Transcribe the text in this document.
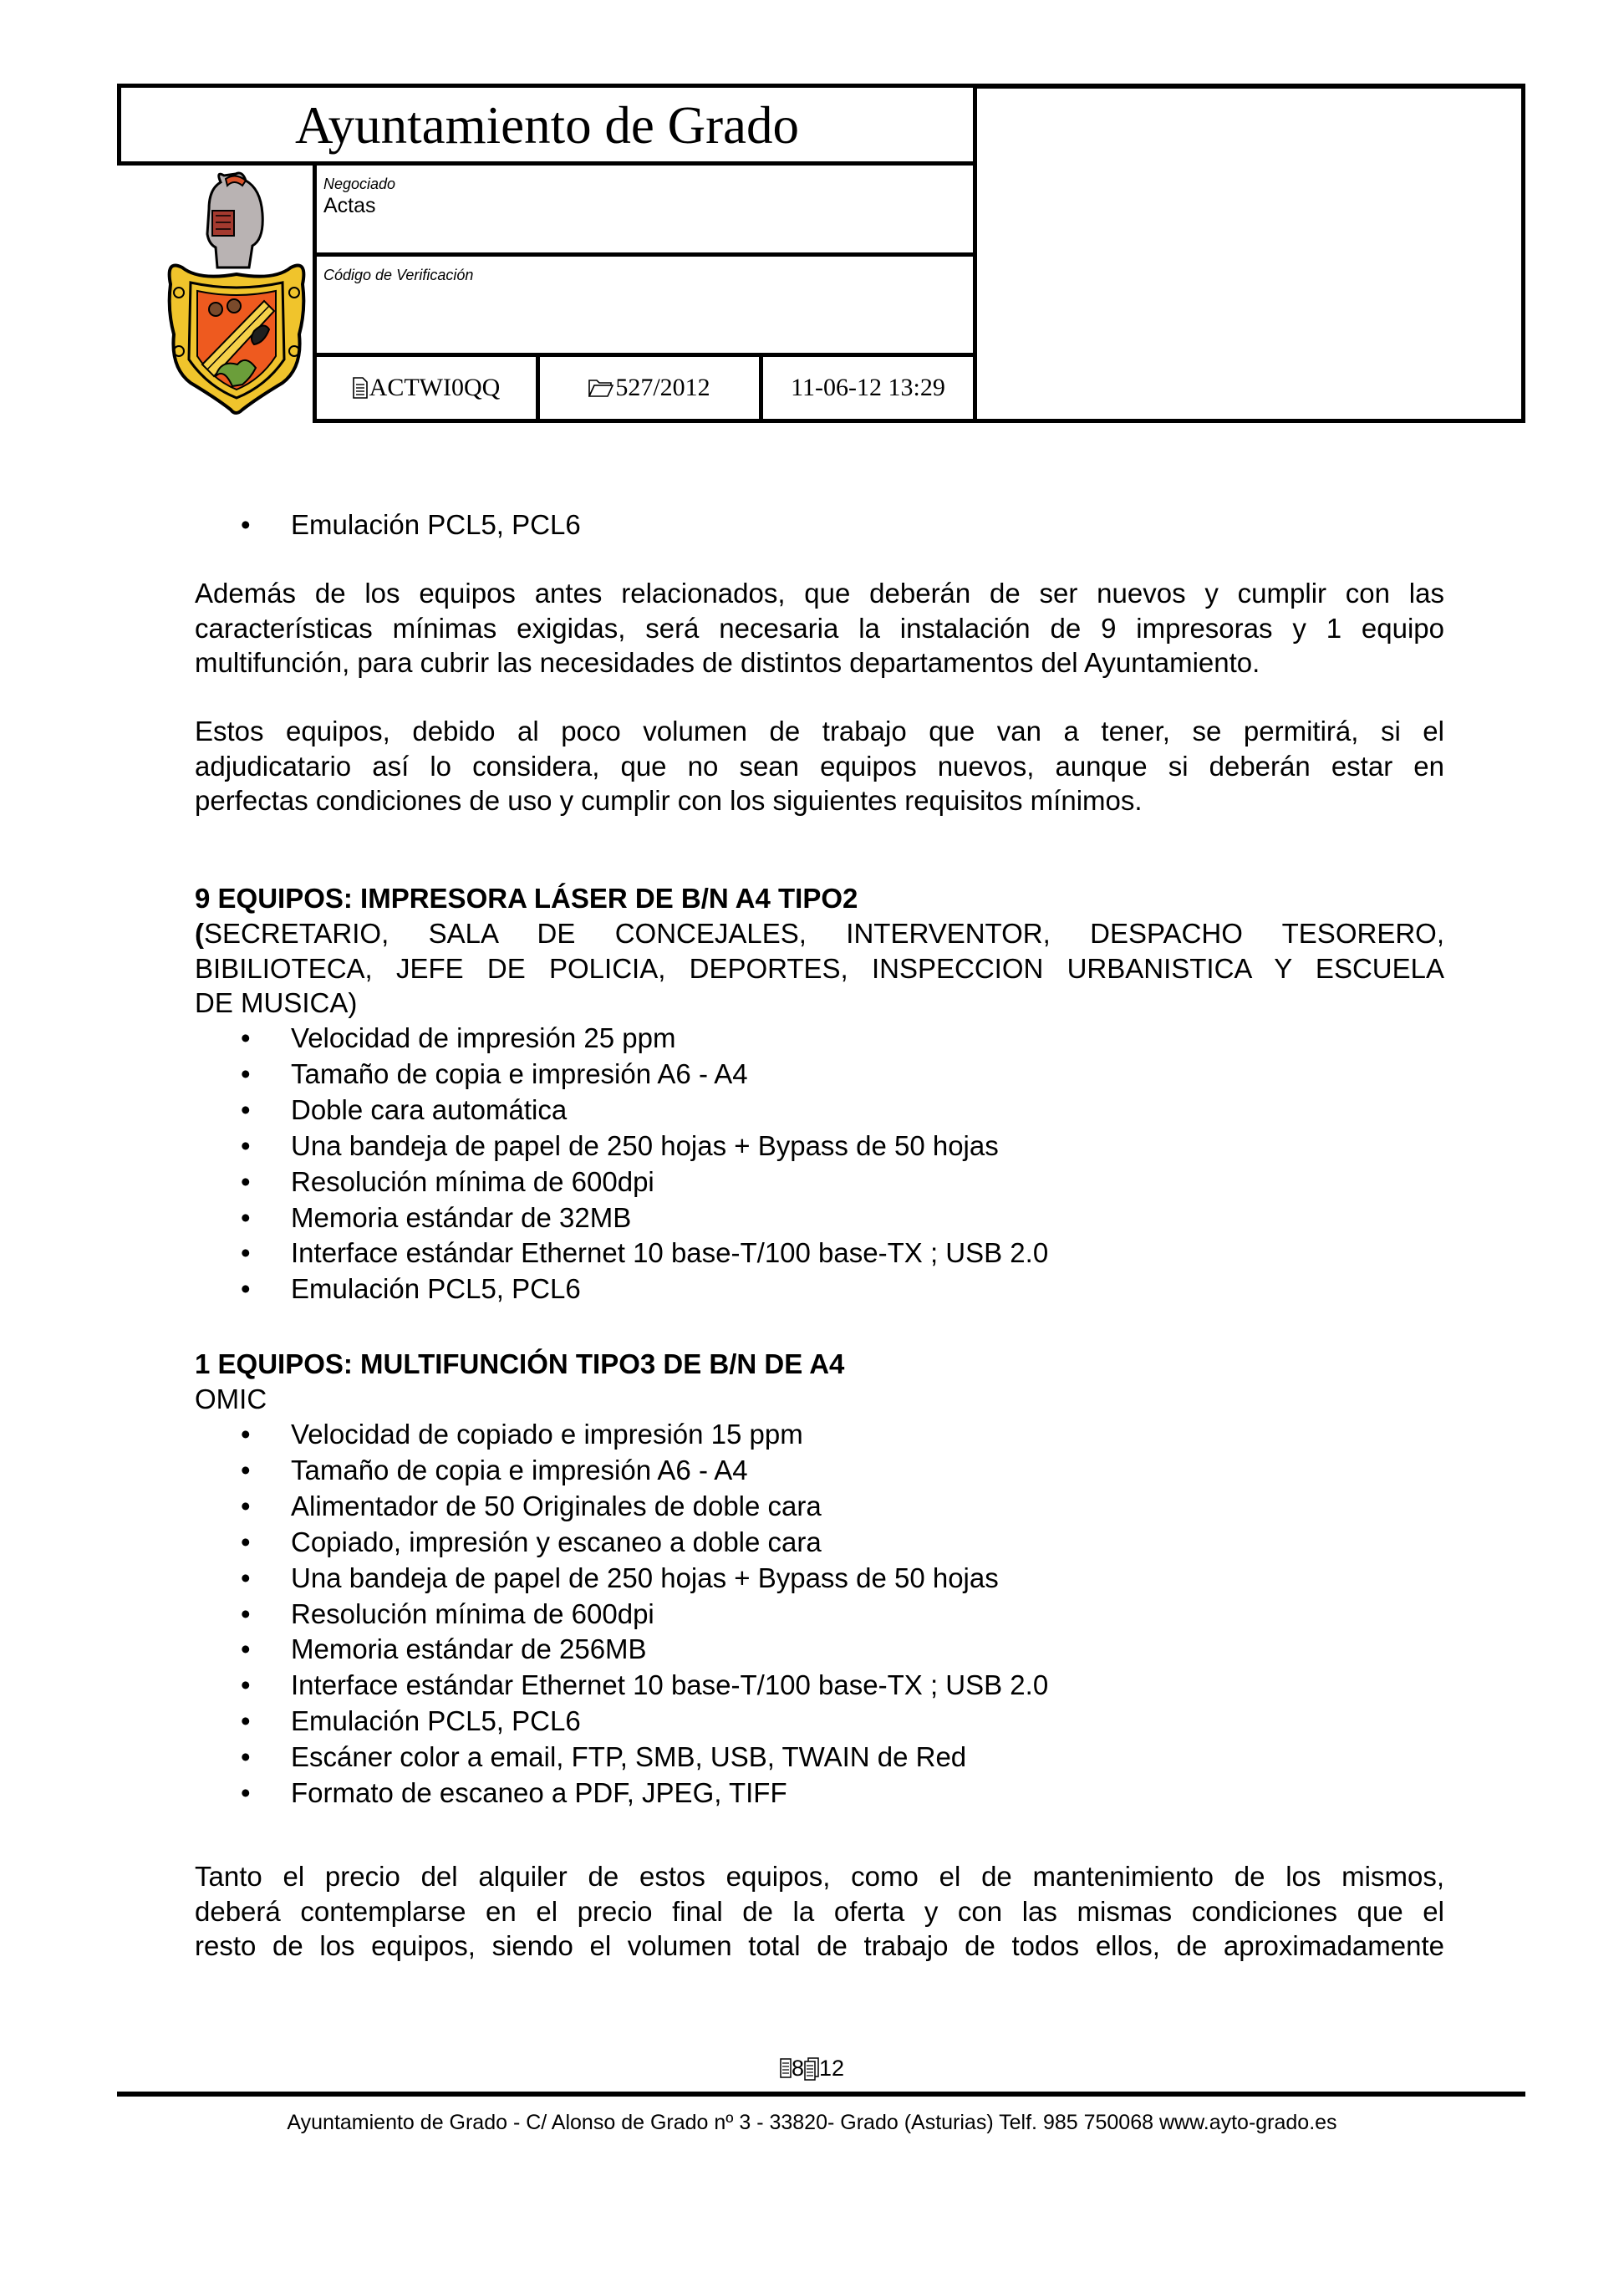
Ayuntamiento de Grado
Negociado
Actas
Código de Verificación
ACTWI0QQ	527/2012	11-06-12 13:29
•
Emulación PCL5, PCL6
Además de los equipos antes relacionados, que deberán de ser nuevos y cumplir con las
características mínimas exigidas, será necesaria la instalación de 9 impresoras y 1 equipo
multifunción, para cubrir las necesidades de distintos departamentos del Ayuntamiento.
Estos equipos, debido al poco volumen de trabajo que van a tener, se permitirá, si el
adjudicatario así lo considera, que no sean equipos nuevos, aunque si deberán estar en
perfectas condiciones de uso y cumplir con los siguientes requisitos mínimos.
9 EQUIPOS: IMPRESORA LÁSER DE B/N A4 TIPO2
( SECRETARIO, SALA DE CONCEJALES, INTERVENTOR, DESPACHO TESORERO,
BIBILIOTECA, JEFE DE POLICIA, DEPORTES, INSPECCION URBANISTICA Y ESCUELA
DE MUSICA)
•
Velocidad de impresión 25 ppm
•
Tamaño de copia e impresión A6 - A4
•
Doble cara automática
•
Una bandeja de papel de 250 hojas + Bypass de 50 hojas
•
Resolución mínima de 600dpi
•
Memoria estándar de 32MB
•
Interface estándar Ethernet 10 base-T/100 base-TX ; USB 2.0
•
Emulación PCL5, PCL6
1 EQUIPOS: MULTIFUNCIÓN TIPO3 DE B/N DE A4
OMIC
•
Velocidad de copiado e impresión 15 ppm
•
Tamaño de copia e impresión A6 - A4
•
Alimentador de 50 Originales de doble cara
•
Copiado, impresión y escaneo a doble cara
•
Una bandeja de papel de 250 hojas + Bypass de 50 hojas
•
Resolución mínima de 600dpi
•
Memoria estándar de 256MB
•
Interface estándar Ethernet 10 base-T/100 base-TX ; USB 2.0
•
Emulación PCL5, PCL6
•
Escáner color a email, FTP, SMB, USB, TWAIN de Red
•
Formato de escaneo a PDF, JPEG, TIFF
Tanto el precio del alquiler de estos equipos, como el de mantenimiento de los mismos,
deberá contemplarse en el precio final de la oferta y con las mismas condiciones que el
resto de los equipos, siendo el volumen total de trabajo de todos ellos, de aproximadamente
8 12
Ayuntamiento de Grado - C/ Alonso de Grado nº 3 - 33820- Grado (Asturias) Telf. 985 750068 www.ayto-grado.es
